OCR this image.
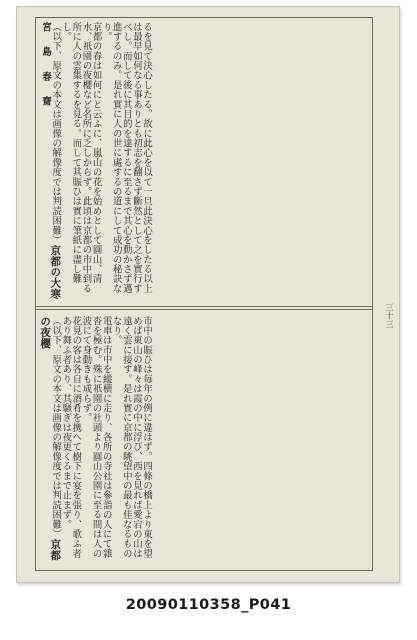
るを見て決心したる。故に此心を以て一旦此決心をしたる以上は最早如何なる事ありとも初志を翻さず斷然として之を實行すべし。而して後に其目的を達するに至るまで其心を動かさず邁進するのみ。是れ實に人の世に處するの道にして成功の秘訣なり。
京都の春は如何にと云ふに、嵐山の花を始めとして圓山、清水、祇園の夜櫻など名所に乏しからず。此頃は京都の市中到る所に人の雲集するを見る。而して其賑ひは實に筆紙に盡し難し。
（以下、原文の本文は画像の解像度では判読困難）京都の大寒　宮　島　春　齋
市中の賑ひは毎年の例に違はず。四條の橋上より東を望めば東山の峰々は霞の中に浮び、西を見れば愛宕の山は遠く雲に接す。是れ實に京都の眺望中の最も佳なるものなり。
電車は市中を縱横に走り、各所の寺社は參詣の人にて雜沓を極む。殊に祇園の社頭より圓山公園に至る間は人の波にて身動きも成らず。
花見の客は各自に酒肴を携へて樹下に宴を張り、歌ふ者あり舞ふ者あり、其騒ぎは夜更くるまで止まず。
（以下、原文の本文は画像の解像度では判読困難）京都の夜櫻
三十三
20090110358_P041
